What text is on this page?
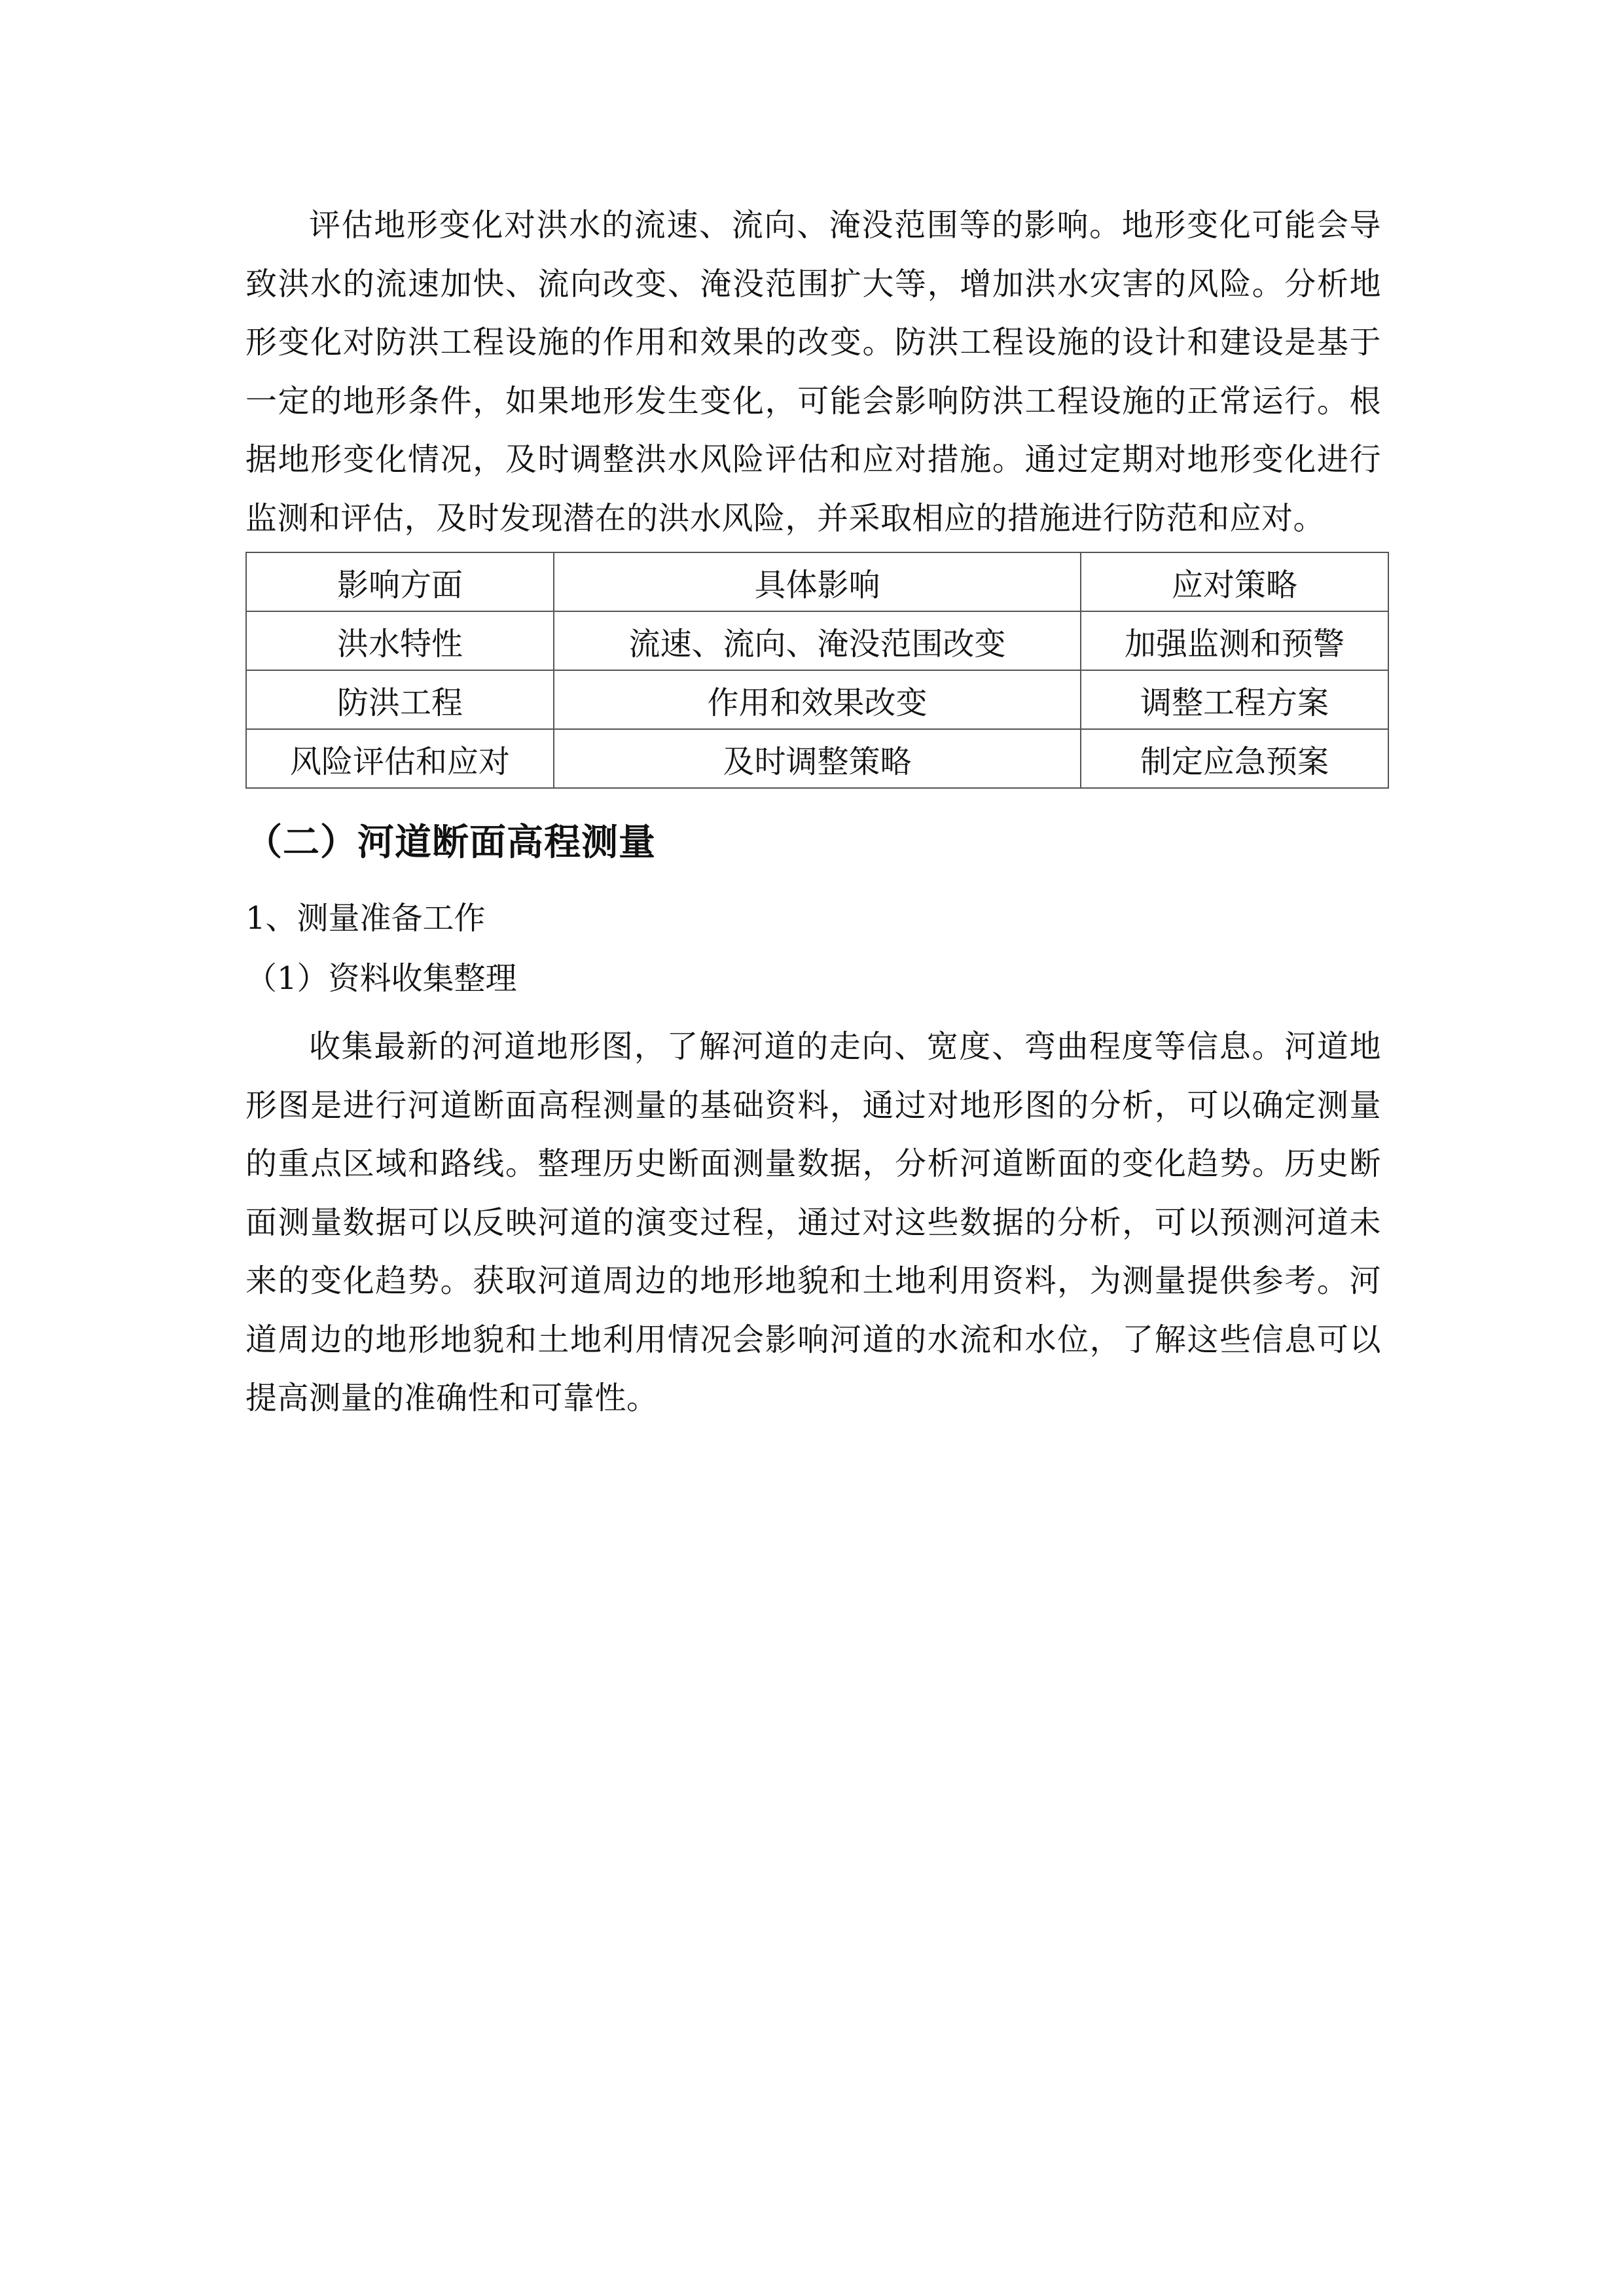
评估地形变化对洪水的流速、流向、淹没范围等的影响。地形变化可能会导致洪水的流速加快、流向改变、淹没范围扩大等，增加洪水灾害的风险。分析地形变化对防洪工程设施的作用和效果的改变。防洪工程设施的设计和建设是基于一定的地形条件，如果地形发生变化，可能会影响防洪工程设施的正常运行。根据地形变化情况，及时调整洪水风险评估和应对措施。通过定期对地形变化进行监测和评估，及时发现潜在的洪水风险，并采取相应的措施进行防范和应对。

影响方面	具体影响	应对策略
洪水特性	流速、流向、淹没范围改变	加强监测和预警
防洪工程	作用和效果改变	调整工程方案
风险评估和应对	及时调整策略	制定应急预案
（二）河道断面高程测量
1、测量准备工作
（1）资料收集整理

收集最新的河道地形图，了解河道的走向、宽度、弯曲程度等信息。河道地形图是进行河道断面高程测量的基础资料，通过对地形图的分析，可以确定测量的重点区域和路线。整理历史断面测量数据，分析河道断面的变化趋势。历史断面测量数据可以反映河道的演变过程，通过对这些数据的分析，可以预测河道未来的变化趋势。获取河道周边的地形地貌和土地利用资料，为测量提供参考。河道周边的地形地貌和土地利用情况会影响河道的水流和水位，了解这些信息可以提高测量的准确性和可靠性。
